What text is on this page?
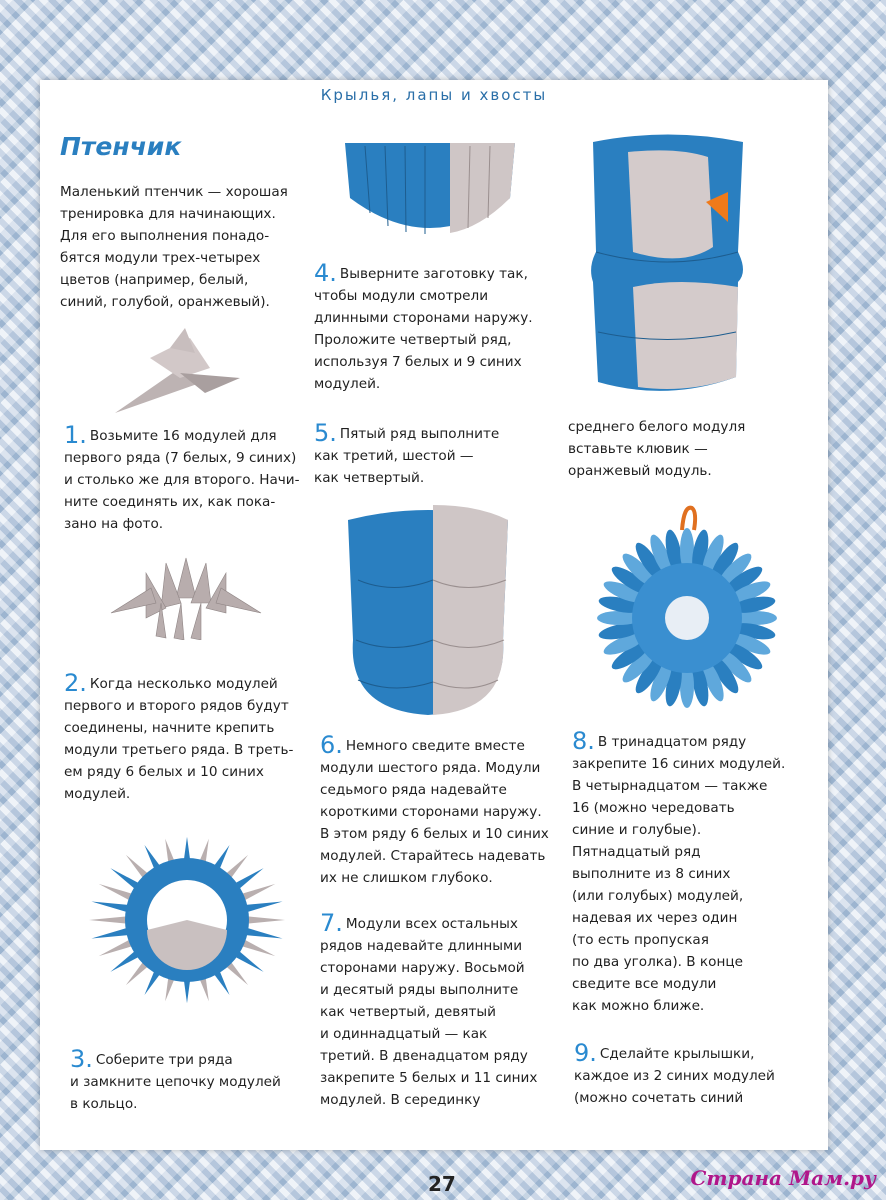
Крылья, лапы и хвосты
Птенчик
Маленький птенчик — хорошая
тренировка для начинающих.
Для его выполнения понадо-
бятся модули трех-четырех
цветов (например, белый,
синий, голубой, оранжевый).
1. Возьмите 16 модулей для
первого ряда (7 белых, 9 синих)
и столько же для второго. Начи-
ните соединять их, как пока-
зано на фото.
2. Когда несколько модулей
первого и второго рядов будут
соединены, начните крепить
модули третьего ряда. В треть-
ем ряду 6 белых и 10 синих
модулей.
3. Соберите три ряда
и замкните цепочку модулей
в кольцо.
4. Выверните заготовку так,
чтобы модули смотрели
длинными сторонами наружу.
Проложите четвертый ряд,
используя 7 белых и 9 синих
модулей.
5. Пятый ряд выполните
как третий, шестой —
как четвертый.
6. Немного сведите вместе
модули шестого ряда. Модули
седьмого ряда надевайте
короткими сторонами наружу.
В этом ряду 6 белых и 10 синих
модулей. Старайтесь надевать
их не слишком глубоко.
7. Модули всех остальных
рядов надевайте длинными
сторонами наружу. Восьмой
и десятый ряды выполните
как четвертый, девятый
и одиннадцатый — как
третий. В двенадцатом ряду
закрепите 5 белых и 11 синих
модулей. В серединку
среднего белого модуля
вставьте клювик —
оранжевый модуль.
8. В тринадцатом ряду
закрепите 16 синих модулей.
В четырнадцатом — также
16 (можно чередовать
синие и голубые).
Пятнадцатый ряд
выполните из 8 синих
(или голубых) модулей,
надевая их через один
(то есть пропуская
по два уголка). В конце
сведите все модули
как можно ближе.
9. Сделайте крылышки,
каждое из 2 синих модулей
(можно сочетать синий
27	Страна Мам.ру
